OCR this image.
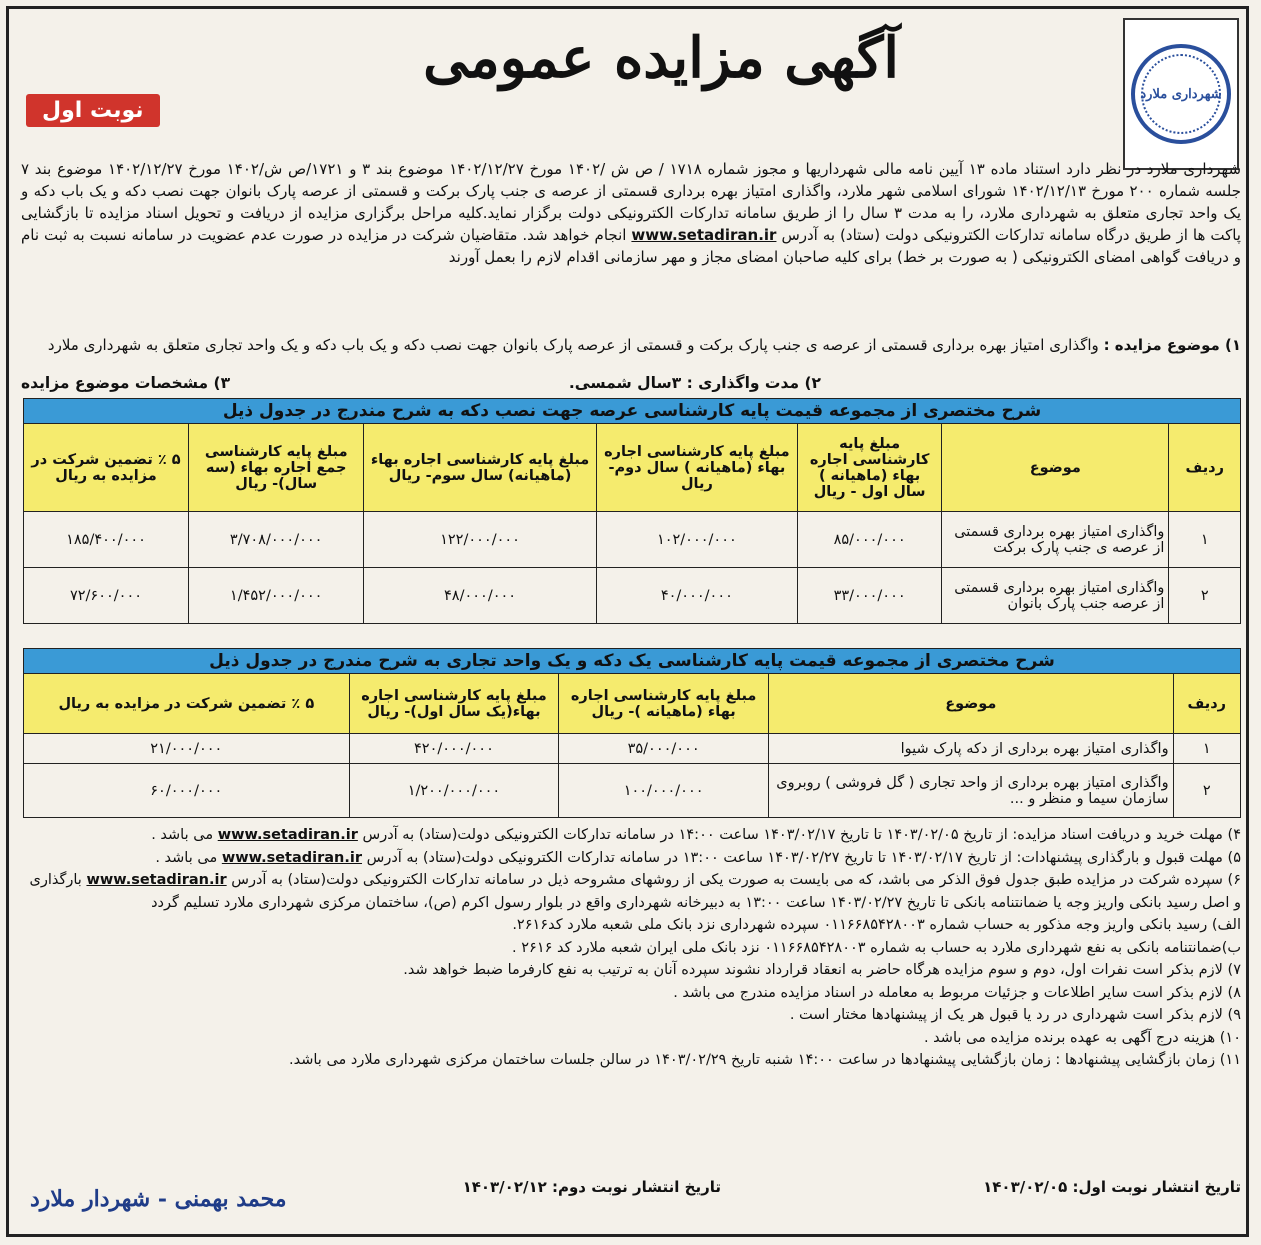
شهرداری ملارد
آگهی مزایده عمومی
نوبت اول

شهرداری ملارد در نظر دارد استناد ماده ۱۳ آیین نامه مالی شهرداریها و مجوز شماره ۱۷۱۸ / ص ش /۱۴۰۲ مورخ ۱۴۰۲/۱۲/۲۷ موضوع بند ۳ و ۱۷۲۱/ص ش/۱۴۰۲ مورخ ۱۴۰۲/۱۲/۲۷ موضوع بند ۷ جلسه شماره ۲۰۰ مورخ ۱۴۰۲/۱۲/۱۳ شورای اسلامی شهر ملارد، واگذاری امتیاز بهره برداری قسمتی از عرصه ی جنب پارک برکت و قسمتی از عرصه پارک بانوان جهت نصب دکه و یک باب دکه و یک واحد تجاری متعلق به شهرداری ملارد، را به مدت ۳ سال را از طریق سامانه تدارکات الکترونیکی دولت برگزار نماید.کلیه مراحل برگزاری مزایده از دریافت و تحویل اسناد مزایده تا بازگشایی پاکت ها از طریق درگاه سامانه تدارکات الکترونیکی دولت (ستاد) به آدرس www.setadiran.ir انجام خواهد شد. متقاضیان شرکت در مزایده در صورت عدم عضویت در سامانه نسبت به ثبت نام و دریافت گواهی امضای الکترونیکی ( به صورت بر خط) برای کلیه صاحبان امضای مجاز و مهر سازمانی اقدام لازم را بعمل آورند

۱) موضوع مزایده : واگذاری امتیاز بهره برداری قسمتی از عرصه ی جنب پارک برکت و قسمتی از عرصه پارک بانوان جهت نصب دکه و یک باب دکه و یک واحد تجاری متعلق به شهرداری ملارد

۲) مدت واگذاری : ۳سال شمسی.
۳) مشخصات موضوع مزایده
شرح مختصری از مجموعه قیمت پایه کارشناسی عرصه جهت نصب دکه به شرح مندرج در جدول ذیل						
ردیف	موضوع	مبلغ پایه کارشناسی اجاره بهاء (ماهیانه ) سال اول - ریال	مبلغ پایه کارشناسی اجاره بهاء (ماهیانه ) سال دوم- ریال	مبلغ پایه کارشناسی اجاره بهاء (ماهیانه) سال سوم- ریال	مبلغ پایه کارشناسی جمع اجاره بهاء (سه سال)- ریال	۵ ٪ تضمین شرکت در مزایده به ریال
۱	واگذاری امتیاز بهره برداری قسمتی از عرصه ی جنب پارک برکت	۸۵/۰۰۰/۰۰۰	۱۰۲/۰۰۰/۰۰۰	۱۲۲/۰۰۰/۰۰۰	۳/۷۰۸/۰۰۰/۰۰۰	۱۸۵/۴۰۰/۰۰۰
۲	واگذاری امتیاز بهره برداری قسمتی از عرصه جنب پارک بانوان	۳۳/۰۰۰/۰۰۰	۴۰/۰۰۰/۰۰۰	۴۸/۰۰۰/۰۰۰	۱/۴۵۲/۰۰۰/۰۰۰	۷۲/۶۰۰/۰۰۰
شرح مختصری از مجموعه قیمت پایه کارشناسی یک دکه و یک واحد تجاری به شرح مندرج در جدول ذیل				
ردیف	موضوع	مبلغ پایه کارشناسی اجاره بهاء (ماهیانه )- ریال	مبلغ پایه کارشناسی اجاره بهاء(یک سال اول)- ریال	۵ ٪ تضمین شرکت در مزایده به ریال
۱	واگذاری امتیاز بهره برداری از دکه پارک شیوا	۳۵/۰۰۰/۰۰۰	۴۲۰/۰۰۰/۰۰۰	۲۱/۰۰۰/۰۰۰
۲	واگذاری امتیاز بهره برداری از واحد تجاری ( گل فروشی ) روبروی سازمان سیما و منظر و ...	۱۰۰/۰۰۰/۰۰۰	۱/۲۰۰/۰۰۰/۰۰۰	۶۰/۰۰۰/۰۰۰
۴) مهلت خرید و دریافت اسناد مزایده: از تاریخ ۱۴۰۳/۰۲/۰۵ تا تاریخ ۱۴۰۳/۰۲/۱۷ ساعت ۱۴:۰۰ در سامانه تدارکات الکترونیکی دولت(ستاد) به آدرس www.setadiran.ir می باشد .
۵) مهلت قبول و بارگذاری پیشنهادات: از تاریخ ۱۴۰۳/۰۲/۱۷ تا تاریخ ۱۴۰۳/۰۲/۲۷ ساعت ۱۳:۰۰ در سامانه تدارکات الکترونیکی دولت(ستاد) به آدرس www.setadiran.ir می باشد .
۶) سپرده شرکت در مزایده طبق جدول فوق الذکر می باشد، که می بایست به صورت یکی از روشهای مشروحه ذیل در سامانه تدارکات الکترونیکی دولت(ستاد) به آدرس www.setadiran.ir بارگذاری و اصل رسید بانکی واریز وجه یا ضمانتنامه بانکی تا تاریخ ۱۴۰۳/۰۲/۲۷ ساعت ۱۳:۰۰ به دبیرخانه شهرداری واقع در بلوار رسول اکرم (ص)، ساختمان مرکزی شهرداری ملارد تسلیم گردد
الف) رسید بانکی واریز وجه مذکور به حساب شماره ۰۱۱۶۶۸۵۴۲۸۰۰۳ سپرده شهرداری نزد بانک ملی شعبه ملارد کد۲۶۱۶.
ب)ضمانتنامه بانکی به نفع شهرداری ملارد به حساب به شماره ۰۱۱۶۶۸۵۴۲۸۰۰۳ نزد بانک ملی ایران شعبه ملارد کد ۲۶۱۶ .
۷) لازم بذکر است نفرات اول، دوم و سوم مزایده هرگاه حاضر به انعقاد قرارداد نشوند سپرده آنان به ترتیب به نفع کارفرما ضبط خواهد شد.
۸) لازم بذکر است سایر اطلاعات و جزئیات مربوط به معامله در اسناد مزایده مندرج می باشد .
۹) لازم بذکر است شهرداری در رد یا قبول هر یک از پیشنهادها مختار است .
۱۰) هزینه درج آگهی به عهده برنده مزایده می باشد .
۱۱) زمان بازگشایی پیشنهادها : زمان بازگشایی پیشنهادها در ساعت ۱۴:۰۰ شنبه تاریخ ۱۴۰۳/۰۲/۲۹ در سالن جلسات ساختمان مرکزی شهرداری ملارد می باشد.
تاریخ انتشار نوبت اول: ۱۴۰۳/۰۲/۰۵
تاریخ انتشار نوبت دوم: ۱۴۰۳/۰۲/۱۲
محمد بهمنی - شهردار ملارد
